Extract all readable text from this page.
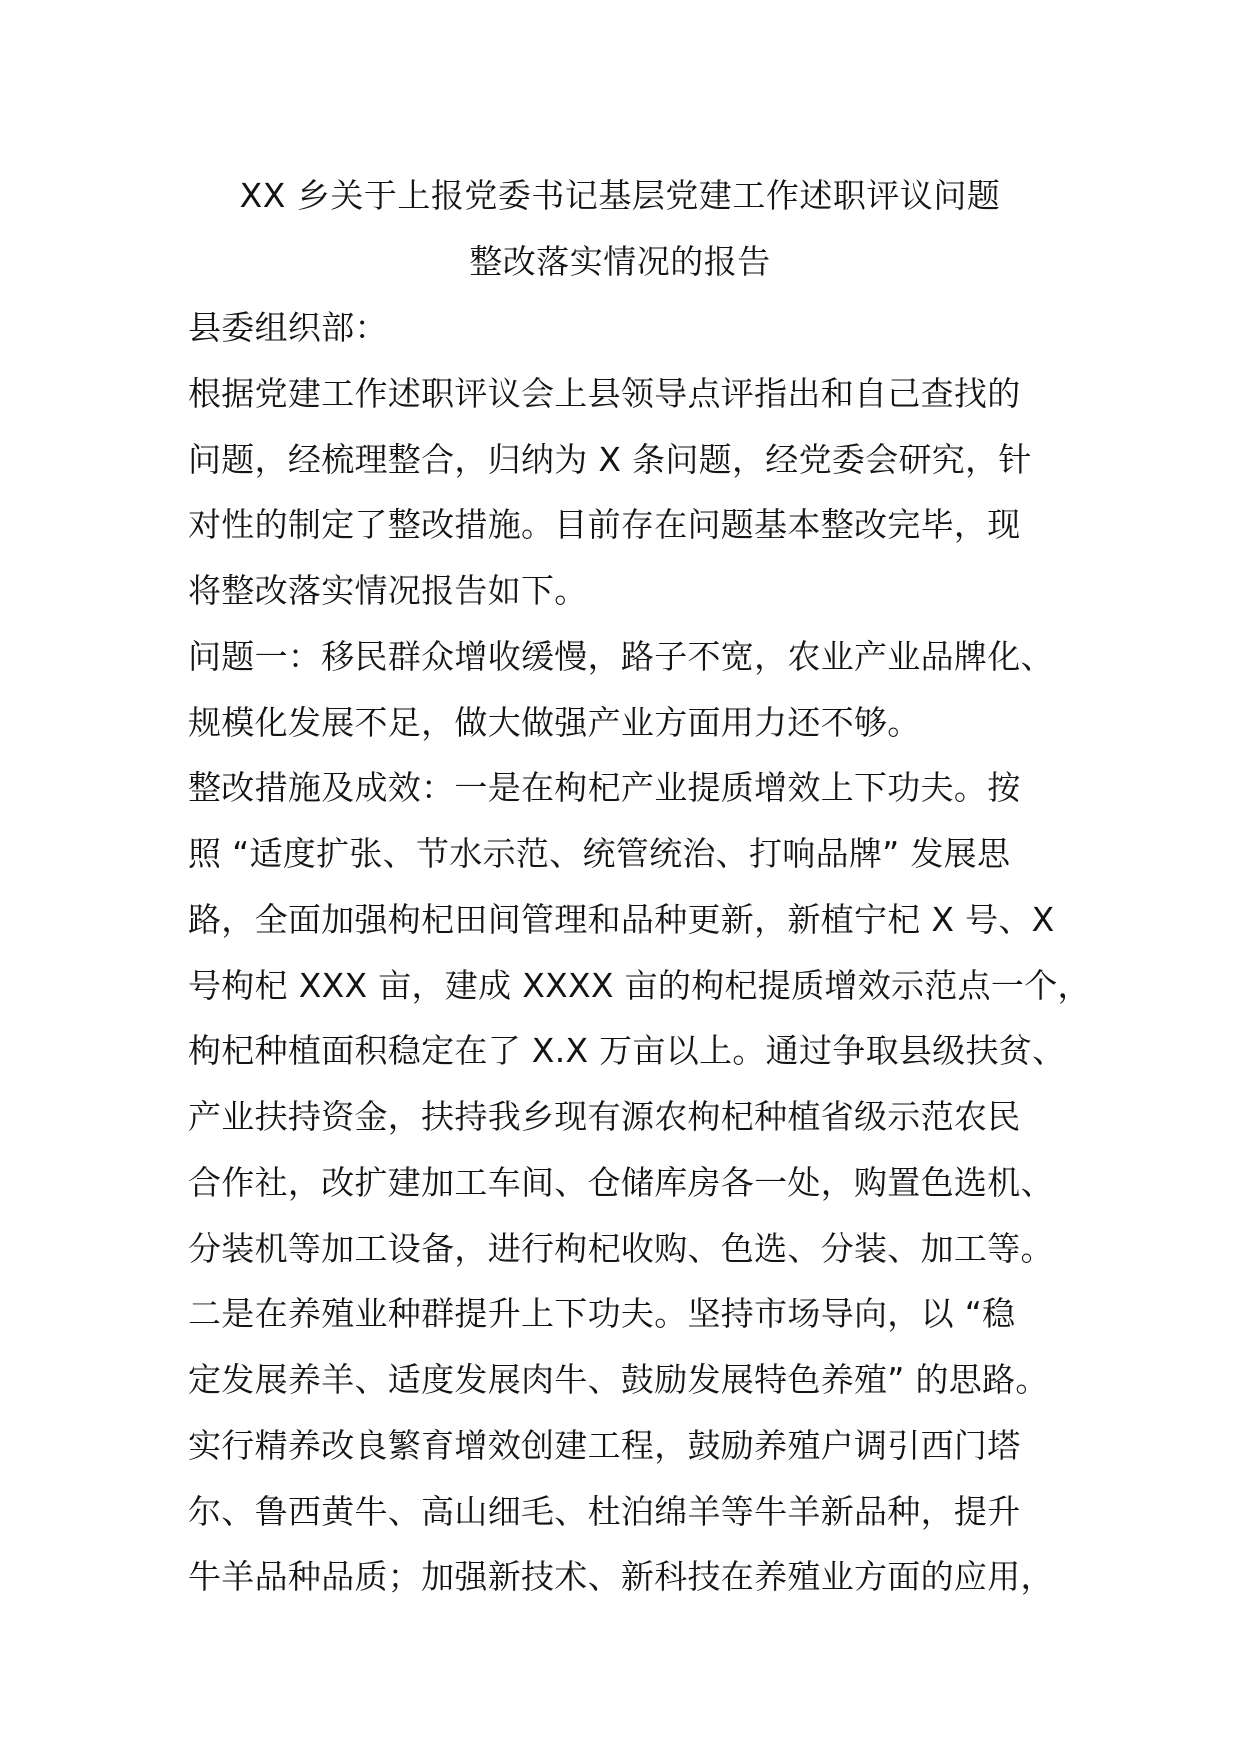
XX 乡关于上报党委书记基层党建工作述职评议问题
整改落实情况的报告
县委组织部：
根据党建工作述职评议会上县领导点评指出和自己查找的
问题，经梳理整合，归纳为 X 条问题，经党委会研究，针
对性的制定了整改措施。目前存在问题基本整改完毕，现
将整改落实情况报告如下。
问题一：移民群众增收缓慢，路子不宽，农业产业品牌化、
规模化发展不足，做大做强产业方面用力还不够。
整改措施及成效：一是在枸杞产业提质增效上下功夫。按
照 “适度扩张、节水示范、统管统治、打响品牌” 发展思
路，全面加强枸杞田间管理和品种更新，新植宁杞 X 号、X
号枸杞 XXX 亩，建成 XXXX 亩的枸杞提质增效示范点一个，
枸杞种植面积稳定在了 X.X 万亩以上。通过争取县级扶贫、
产业扶持资金，扶持我乡现有源农枸杞种植省级示范农民
合作社，改扩建加工车间、仓储库房各一处，购置色选机、
分装机等加工设备，进行枸杞收购、色选、分装、加工等。
二是在养殖业种群提升上下功夫。坚持市场导向，以 “稳
定发展养羊、适度发展肉牛、鼓励发展特色养殖” 的思路。
实行精养改良繁育增效创建工程，鼓励养殖户调引西门塔
尔、鲁西黄牛、高山细毛、杜泊绵羊等牛羊新品种，提升
牛羊品种品质；加强新技术、新科技在养殖业方面的应用，
